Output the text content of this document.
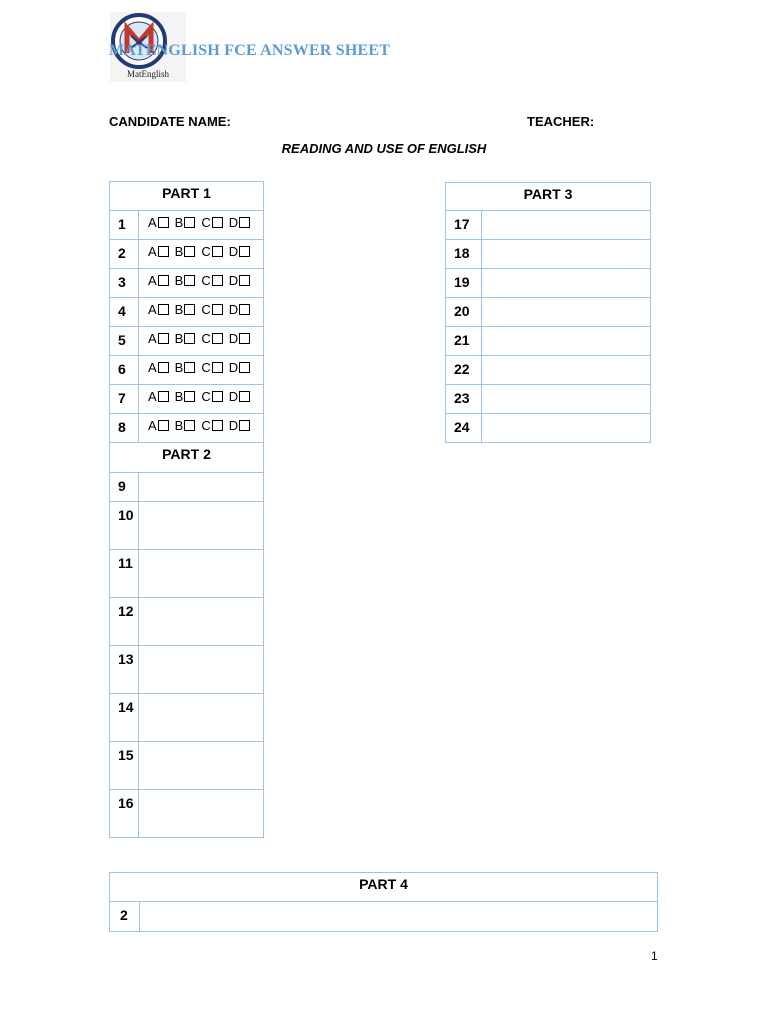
MatEnglish
MATENGLISH FCE ANSWER SHEET
CANDIDATE NAME:	TEACHER:
READING AND USE OF ENGLISH
PART 1	
1	A B C D
2	A B C D
3	A B C D
4	A B C D
5	A B C D
6	A B C D
7	A B C D
8	A B C D
PART 2	
9	
10	
11	
12	
13	
14	
15	
16	
PART 3	
17	
18	
19	
20	
21	
22	
23	
24	
PART 4
2	
1
